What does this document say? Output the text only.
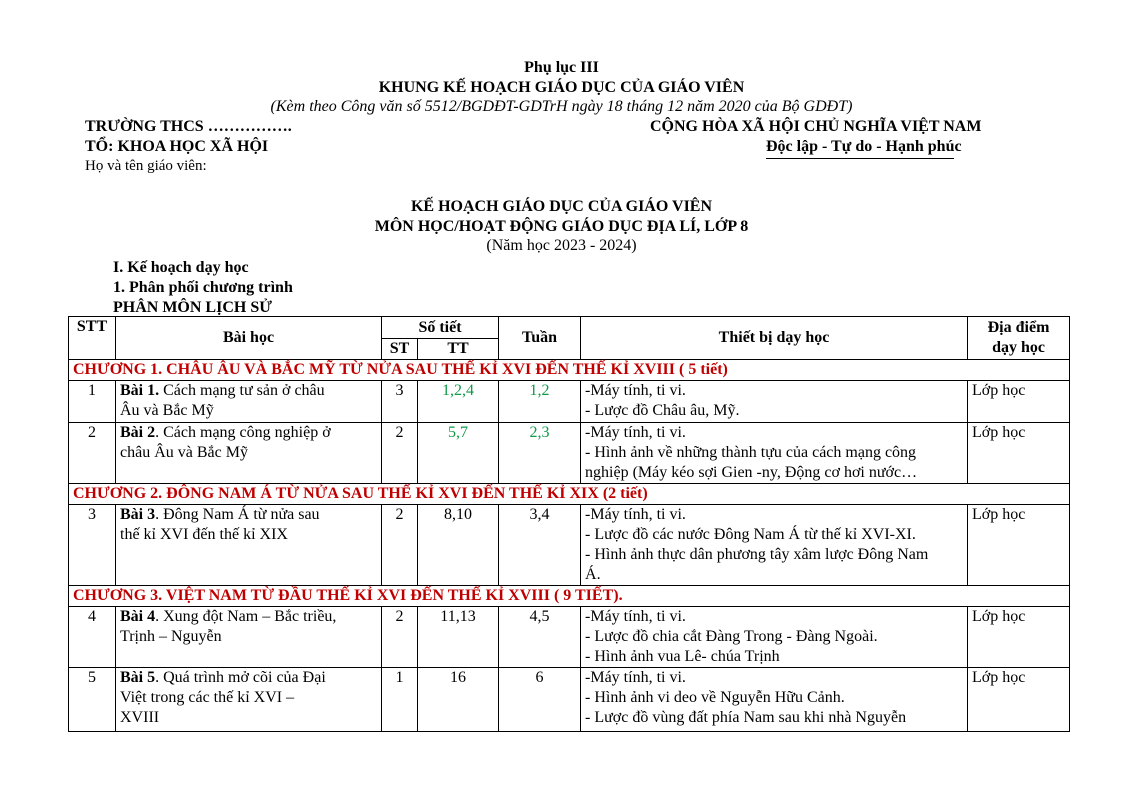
Phụ lục III
KHUNG KẾ HOẠCH GIÁO DỤC CỦA GIÁO VIÊN
(Kèm theo Công văn số 5512/BGDĐT-GDTrH ngày 18 tháng 12 năm 2020 của Bộ GDĐT)
TRƯỜNG THCS …………….
TỔ: KHOA HỌC XÃ HỘI
Họ và tên giáo viên:
CỘNG HÒA XÃ HỘI CHỦ NGHĨA VIỆT NAM
Độc lập - Tự do - Hạnh phúc
KẾ HOẠCH GIÁO DỤC CỦA GIÁO VIÊN
MÔN HỌC/HOẠT ĐỘNG GIÁO DỤC ĐỊA LÍ, LỚP 8
(Năm học 2023 - 2024)
I. Kế hoạch dạy học
1. Phân phối chương trình
PHÂN MÔN LỊCH SỬ
STT	Bài học	Số tiết		Tuần	Thiết bị dạy học	Địa điểm
dạy học

		ST	TT			
CHƯƠNG 1. CHÂU ÂU VÀ BẮC MỸ TỪ NỬA SAU THẾ KỈ XVI ĐẾN THẾ KỈ XVIII ( 5 tiết)						
1	Bài 1. Cách mạng tư sản ở châu
Âu và Bắc Mỹ	3	1,2,4	1,2	-Máy tính, ti vi.
- Lược đồ Châu âu, Mỹ.	Lớp học
2	Bài 2. Cách mạng công nghiệp ở
châu Âu và Bắc Mỹ	2	5,7	2,3	-Máy tính, ti vi.
- Hình ảnh về những thành tựu của cách mạng công
nghiệp (Máy kéo sợi Gien -ny, Động cơ hơi nước…	Lớp học
CHƯƠNG 2. ĐÔNG NAM Á TỪ NỬA SAU THẾ KỈ XVI ĐẾN THẾ KỈ XIX (2 tiết)						
3	Bài 3. Đông Nam Á từ nửa sau
thế kỉ XVI đến thế kỉ XIX	2	8,10	3,4	-Máy tính, ti vi.
- Lược đồ các nước Đông Nam Á từ thế kỉ XVI-XI.
- Hình ảnh thực dân phương tây xâm lược Đông Nam
Á.	Lớp học
CHƯƠNG 3. VIỆT NAM TỪ ĐẦU THẾ KỈ XVI ĐẾN THẾ KỈ XVIII ( 9 TIẾT).						
4	Bài 4. Xung đột Nam – Bắc triều,
Trịnh – Nguyễn	2	11,13	4,5	-Máy tính, ti vi.
- Lược đồ chia cắt Đàng Trong - Đàng Ngoài.
- Hình ảnh vua Lê- chúa Trịnh	Lớp học
5	Bài 5. Quá trình mở cõi của Đại
Việt trong các thế kỉ XVI –
XVIII	1	16	6	-Máy tính, ti vi.
- Hình ảnh vi deo về Nguyễn Hữu Cảnh.
- Lược đồ vùng đất phía Nam sau khi nhà Nguyễn	Lớp học
